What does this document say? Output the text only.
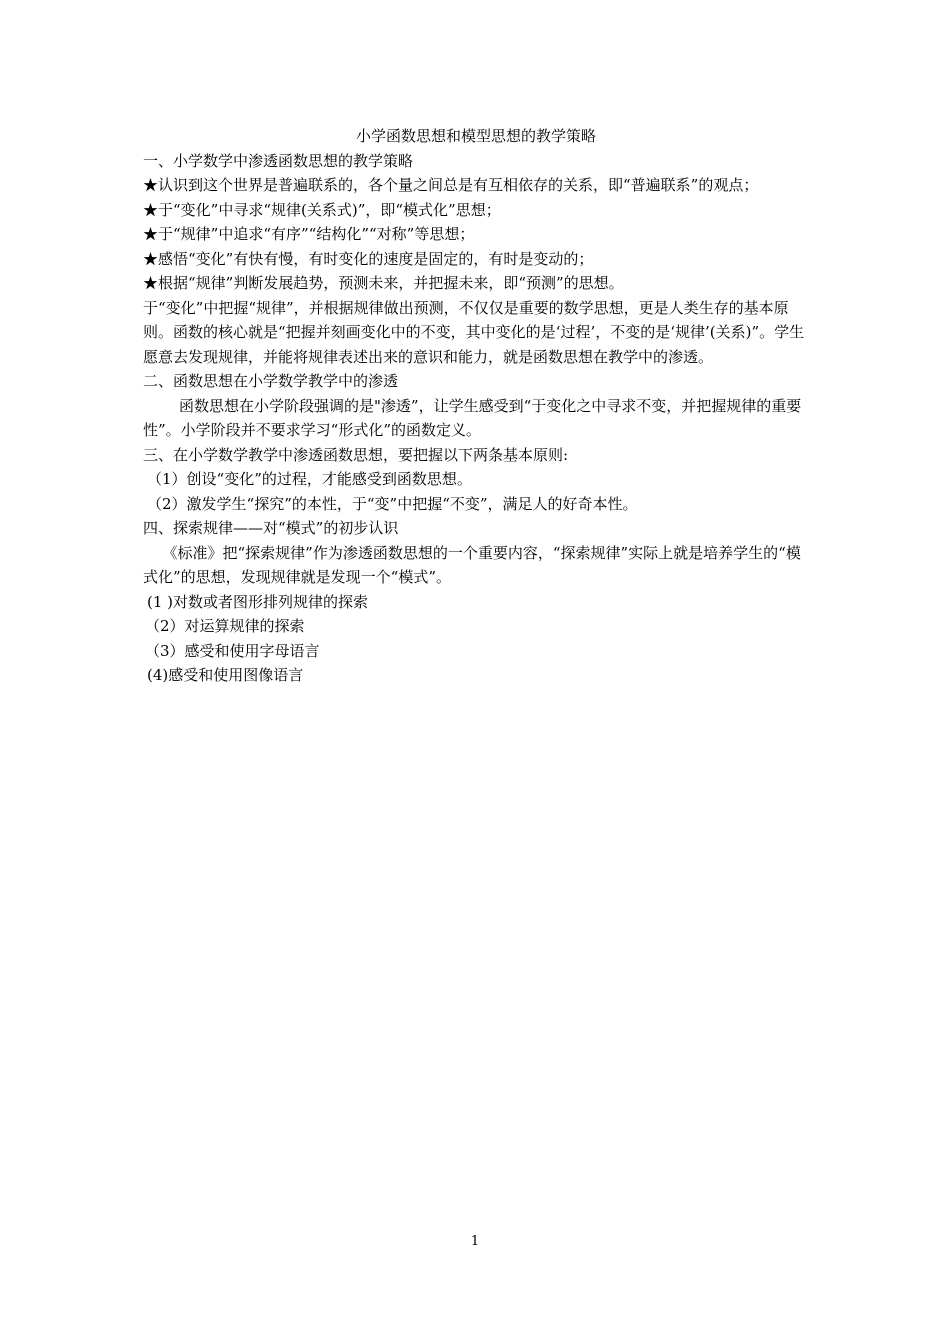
小学函数思想和模型思想的教学策略

一、小学数学中渗透函数思想的教学策略

★认识到这个世界是普遍联系的，各个量之间总是有互相依存的关系，即“普遍联系”的观点；

★于“变化”中寻求“规律(关系式)”，即“模式化”思想；

★于“规律”中追求“有序”“结构化”“对称”等思想；

★感悟“变化”有快有慢，有时变化的速度是固定的，有时是变动的；

★根据“规律”判断发展趋势，预测未来，并把握未来，即“预测”的思想。

于“变化”中把握“规律”，并根据规律做出预测，不仅仅是重要的数学思想，更是人类生存的基本原则。函数的核心就是“把握并刻画变化中的不变，其中变化的是‘过程’，不变的是‘规律’(关系)”。学生愿意去发现规律，并能将规律表述出来的意识和能力，就是函数思想在教学中的渗透。

二、函数思想在小学数学教学中的渗透

函数思想在小学阶段强调的是"渗透”，让学生感受到“于变化之中寻求不变，并把握规律的重要性”。小学阶段并不要求学习“形式化”的函数定义。

三、在小学数学教学中渗透函数思想，要把握以下两条基本原则:

（1）创设“变化”的过程，才能感受到函数思想。

（2）激发学生“探究”的本性，于“变”中把握“不变”，满足人的好奇本性。

四、探索规律——对“模式”的初步认识

《标准》把“探索规律”作为渗透函数思想的一个重要内容，“探索规律”实际上就是培养学生的“模式化”的思想，发现规律就是发现一个“模式”。

(1 )对数或者图形排列规律的探索

（2）对运算规律的探索

（3）感受和使用字母语言

(4)感受和使用图像语言

1
